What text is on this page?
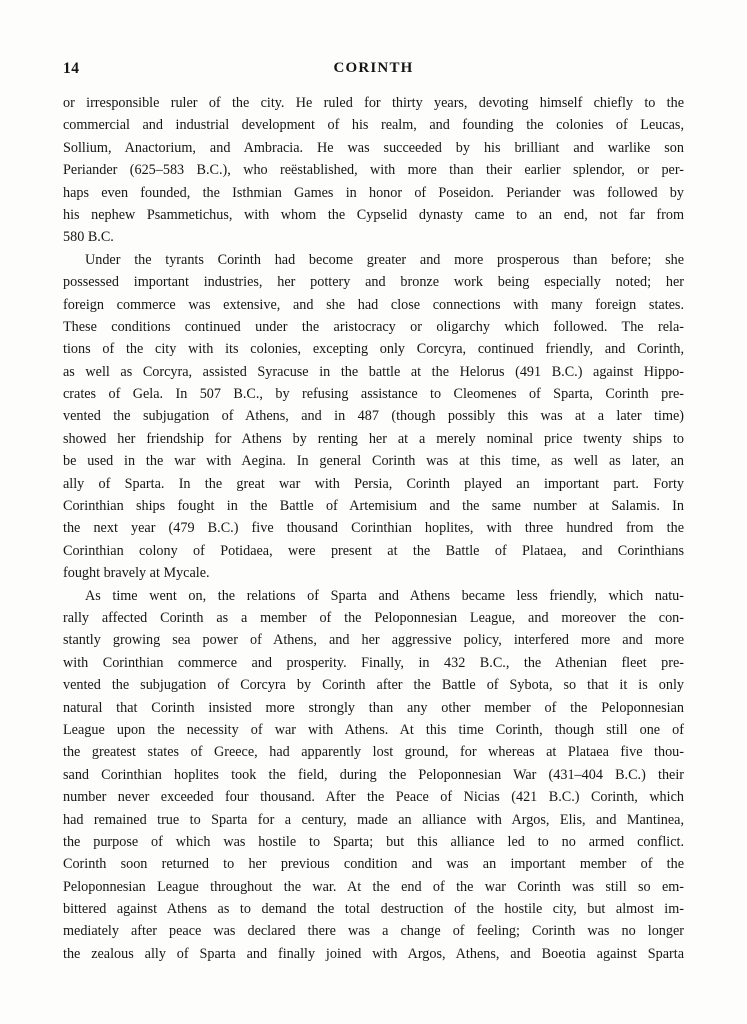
14	CORINTH
or irresponsible ruler of the city. He ruled for thirty years, devoting himself chiefly to the
commercial and industrial development of his realm, and founding the colonies of Leucas,
Sollium, Anactorium, and Ambracia. He was succeeded by his brilliant and warlike son
Periander (625–583 B.C.), who reëstablished, with more than their earlier splendor, or per-
haps even founded, the Isthmian Games in honor of Poseidon. Periander was followed by
his nephew Psammetichus, with whom the Cypselid dynasty came to an end, not far from
580 B.C.
Under the tyrants Corinth had become greater and more prosperous than before; she
possessed important industries, her pottery and bronze work being especially noted; her
foreign commerce was extensive, and she had close connections with many foreign states.
These conditions continued under the aristocracy or oligarchy which followed. The rela-
tions of the city with its colonies, excepting only Corcyra, continued friendly, and Corinth,
as well as Corcyra, assisted Syracuse in the battle at the Helorus (491 B.C.) against Hippo-
crates of Gela. In 507 B.C., by refusing assistance to Cleomenes of Sparta, Corinth pre-
vented the subjugation of Athens, and in 487 (though possibly this was at a later time)
showed her friendship for Athens by renting her at a merely nominal price twenty ships to
be used in the war with Aegina. In general Corinth was at this time, as well as later, an
ally of Sparta. In the great war with Persia, Corinth played an important part. Forty
Corinthian ships fought in the Battle of Artemisium and the same number at Salamis. In
the next year (479 B.C.) five thousand Corinthian hoplites, with three hundred from the
Corinthian colony of Potidaea, were present at the Battle of Plataea, and Corinthians
fought bravely at Mycale.
As time went on, the relations of Sparta and Athens became less friendly, which natu-
rally affected Corinth as a member of the Peloponnesian League, and moreover the con-
stantly growing sea power of Athens, and her aggressive policy, interfered more and more
with Corinthian commerce and prosperity. Finally, in 432 B.C., the Athenian fleet pre-
vented the subjugation of Corcyra by Corinth after the Battle of Sybota, so that it is only
natural that Corinth insisted more strongly than any other member of the Peloponnesian
League upon the necessity of war with Athens. At this time Corinth, though still one of
the greatest states of Greece, had apparently lost ground, for whereas at Plataea five thou-
sand Corinthian hoplites took the field, during the Peloponnesian War (431–404 B.C.) their
number never exceeded four thousand. After the Peace of Nicias (421 B.C.) Corinth, which
had remained true to Sparta for a century, made an alliance with Argos, Elis, and Mantinea,
the purpose of which was hostile to Sparta; but this alliance led to no armed conflict.
Corinth soon returned to her previous condition and was an important member of the
Peloponnesian League throughout the war. At the end of the war Corinth was still so em-
bittered against Athens as to demand the total destruction of the hostile city, but almost im-
mediately after peace was declared there was a change of feeling; Corinth was no longer
the zealous ally of Sparta and finally joined with Argos, Athens, and Boeotia against Sparta
